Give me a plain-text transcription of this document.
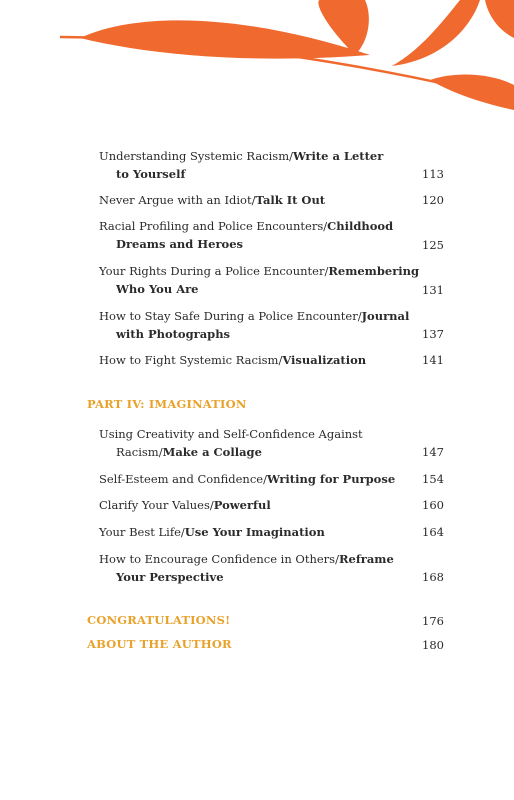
Understanding Systemic Racism/Write a Letter
to Yourself	113
Never Argue with an Idiot/Talk It Out	120
Racial Profiling and Police Encounters/Childhood
Dreams and Heroes	125
Your Rights During a Police Encounter/Remembering
Who You Are	131
How to Stay Safe During a Police Encounter/Journal
with Photographs	137
How to Fight Systemic Racism/Visualization	141
PART IV: IMAGINATION
Using Creativity and Self-Confidence Against
Racism/Make a Collage	147
Self-Esteem and Confidence/Writing for Purpose	154
Clarify Your Values/Powerful	160
Your Best Life/Use Your Imagination	164
How to Encourage Confidence in Others/Reframe
Your Perspective	168
CONGRATULATIONS!	176
ABOUT THE AUTHOR	180
